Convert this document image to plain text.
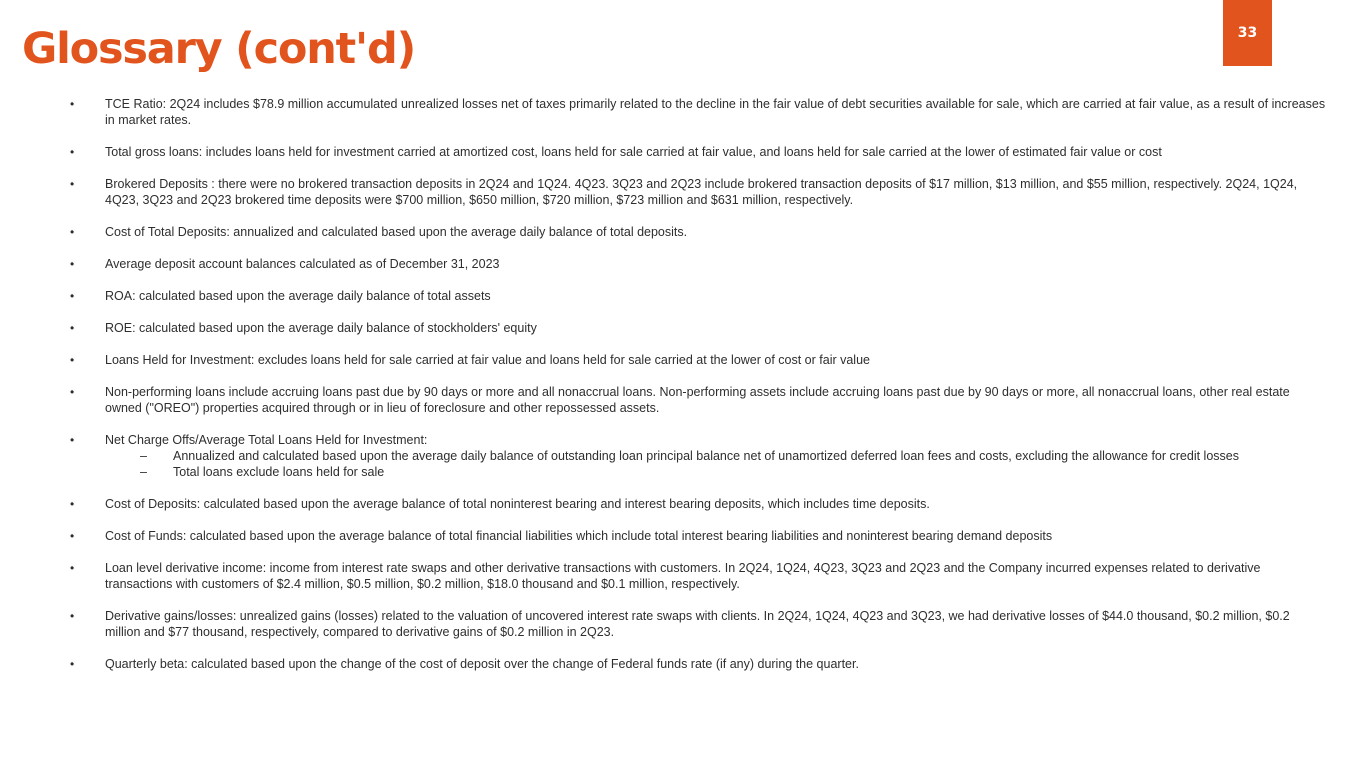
Glossary (cont'd)	33
• TCE Ratio: 2Q24 includes $78.9 million accumulated unrealized losses net of taxes primarily related to the decline in the fair value of debt securities available for sale, which are carried at fair value, as a result of increases in market rates.
• Total gross loans: includes loans held for investment carried at amortized cost, loans held for sale carried at fair value, and loans held for sale carried at the lower of estimated fair value or cost
• Brokered Deposits : there were no brokered transaction deposits in 2Q24 and 1Q24. 4Q23. 3Q23 and 2Q23 include brokered transaction deposits of $17 million, $13 million, and $55 million, respectively. 2Q24, 1Q24, 4Q23, 3Q23 and 2Q23 brokered time deposits were $700 million, $650 million, $720 million, $723 million and $631 million, respectively.
• Cost of Total Deposits: annualized and calculated based upon the average daily balance of total deposits.
• Average deposit account balances calculated as of December 31, 2023
• ROA: calculated based upon the average daily balance of total assets
• ROE: calculated based upon the average daily balance of stockholders' equity
• Loans Held for Investment: excludes loans held for sale carried at fair value and loans held for sale carried at the lower of cost or fair value
• Non-performing loans include accruing loans past due by 90 days or more and all nonaccrual loans. Non-performing assets include accruing loans past due by 90 days or more, all nonaccrual loans, other real estate owned ("OREO") properties acquired through or in lieu of foreclosure and other repossessed assets.
• Net Charge Offs/Average Total Loans Held for Investment:
– Annualized and calculated based upon the average daily balance of outstanding loan principal balance net of unamortized deferred loan fees and costs, excluding the allowance for credit losses
– Total loans exclude loans held for sale
• Cost of Deposits: calculated based upon the average balance of total noninterest bearing and interest bearing deposits, which includes time deposits.
• Cost of Funds: calculated based upon the average balance of total financial liabilities which include total interest bearing liabilities and noninterest bearing demand deposits
• Loan level derivative income: income from interest rate swaps and other derivative transactions with customers. In 2Q24, 1Q24, 4Q23, 3Q23 and 2Q23 and the Company incurred expenses related to derivative transactions with customers of $2.4 million, $0.5 million, $0.2 million, $18.0 thousand and $0.1 million, respectively.
• Derivative gains/losses: unrealized gains (losses) related to the valuation of uncovered interest rate swaps with clients. In 2Q24, 1Q24, 4Q23 and 3Q23, we had derivative losses of $44.0 thousand, $0.2 million, $0.2 million and $77 thousand, respectively, compared to derivative gains of $0.2 million in 2Q23.
• Quarterly beta: calculated based upon the change of the cost of deposit over the change of Federal funds rate (if any) during the quarter.
